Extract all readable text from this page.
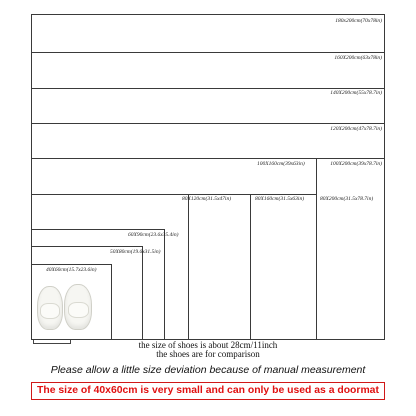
180x200cm(70x78in)
160X200cm(63x78in)
140X200cm(55x78.7in)
120X200cm(47x78.7in)
100X160cm(39x63in)	100X200cm(39x78.7in)
80X120cm(31.5x47in)	80X160cm(31.5x63in)	80X200cm(31.5x78.7in)
60X90cm(23.6x35.4in)
50X80cm(19.6x31.5in)
40X60cm(15.7x23.6in)
the size of shoes is about 28cm/11inch
the shoes are for comparison
Please allow a little size deviation because of manual measurement
The size of 40x60cm is very small and can only be used as a doormat
